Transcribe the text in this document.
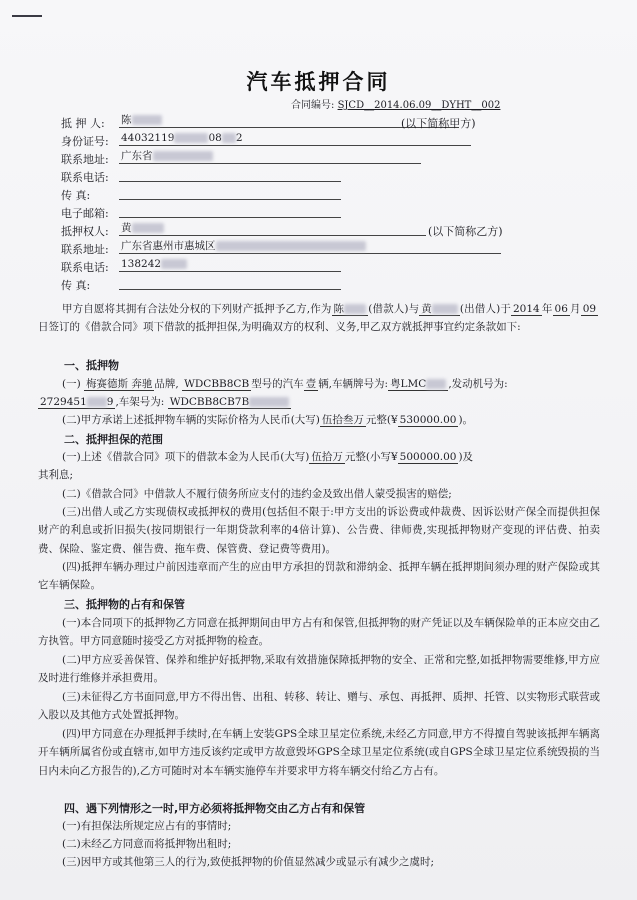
汽车抵押合同
合同编号: SJCD__2014.06.09__DYHT__002
抵 押 人: 陈	(以下简称甲方)
身份证号: 44032119	08 2
联系地址: 广东省
联系电话:
传 真:
电子邮箱:
抵押权人: 黄	(以下简称乙方)
联系地址: 广东省惠州市惠城区
联系电话: 138242
传 真:
甲方自愿将其拥有合法处分权的下列财产抵押予乙方,作为 陈 (借款人)与 黄	(出借人)于 2014 年 06 月 09日签订的《借款合同》项下借款的抵押担保,为明确双方的权利、义务,甲乙双方就抵押事宜约定条款如下:
一、抵押物
(一) 梅赛德斯 奔驰 品牌, WDCBB8CB 型号的汽车 壹 辆,车辆牌号为: 粤LMC ,发动机号为:
2729451 9 ,车架号为: WDCBB8CB7B
(二)甲方承诺上述抵押物车辆的实际价格为人民币(大写) 伍拾叁万 元整(¥ 530000.00 )。
二、抵押担保的范围
(一)上述《借款合同》项下的借款本金为人民币(大写) 伍拾万 元整(小写¥ 500000.00 )及
其利息;
(二)《借款合同》中借款人不履行债务所应支付的违约金及致出借人蒙受损害的赔偿;
(三)出借人或乙方实现债权或抵押权的费用(包括但不限于:甲方支出的诉讼费或仲裁费、因诉讼财产保全而提供担保财产的利息或折旧损失(按同期银行一年期贷款利率的4倍计算)、公告费、律师费,实现抵押物财产变现的评估费、拍卖费、保险、鉴定费、催告费、拖车费、保管费、登记费等费用)。
(四)抵押车辆办理过户前因违章而产生的应由甲方承担的罚款和滞纳金、抵押车辆在抵押期间须办理的财产保险或其它车辆保险。
三、抵押物的占有和保管
(一)本合同项下的抵押物乙方同意在抵押期间由甲方占有和保管,但抵押物的财产凭证以及车辆保险单的正本应交由乙方执管。甲方同意随时接受乙方对抵押物的检查。
(二)甲方应妥善保管、保养和维护好抵押物,采取有效措施保障抵押物的安全、正常和完整,如抵押物需要维修,甲方应及时进行维修并承担费用。
(三)未征得乙方书面同意,甲方不得出售、出租、转移、转让、赠与、承包、再抵押、质押、托管、以实物形式联营或入股以及其他方式处置抵押物。
(四)甲方同意在办理抵押手续时,在车辆上安装GPS全球卫星定位系统,未经乙方同意,甲方不得擅自驾驶该抵押车辆离开车辆所属省份或直辖市,如甲方违反该约定或甲方故意毁坏GPS全球卫星定位系统(或自GPS全球卫星定位系统毁损的当日内未向乙方报告的),乙方可随时对本车辆实施停车并要求甲方将车辆交付给乙方占有。
四、遇下列情形之一时,甲方必须将抵押物交由乙方占有和保管
(一)有担保法所规定应占有的事情时;
(二)未经乙方同意而将抵押物出租时;
(三)因甲方或其他第三人的行为,致使抵押物的价值显然减少或显示有减少之虞时;
